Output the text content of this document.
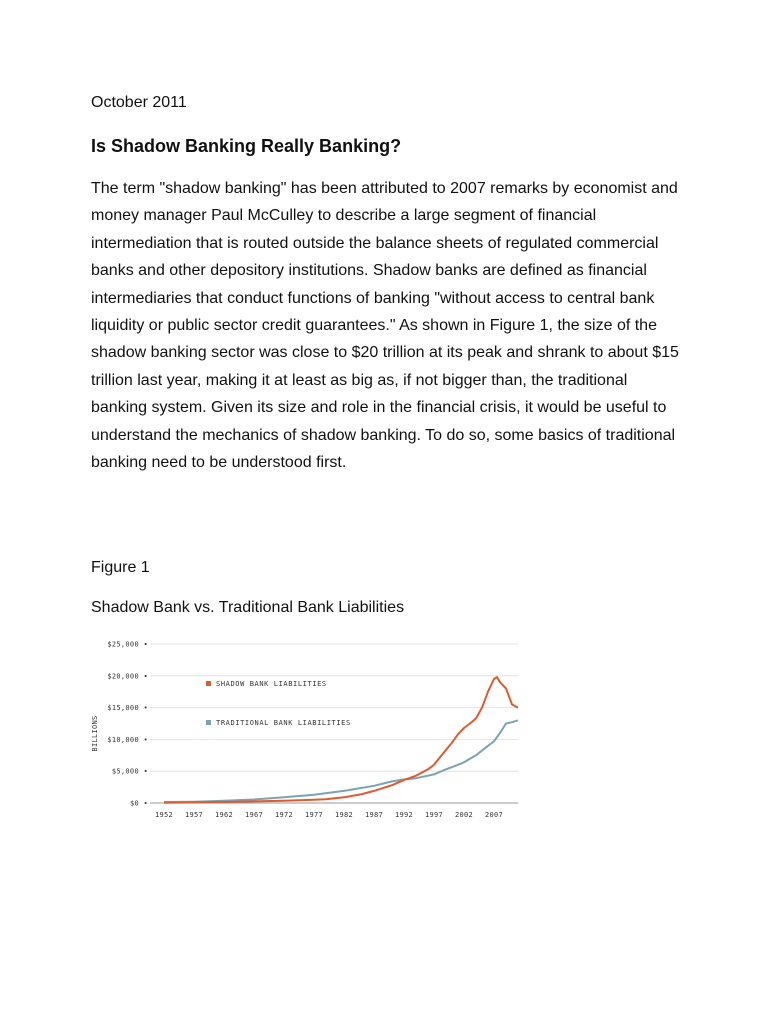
October 2011
Is Shadow Banking Really Banking?

The term "shadow banking" has been attributed to 2007 remarks by economist and money manager Paul McCulley to describe a large segment of financial intermediation that is routed outside the balance sheets of regulated commercial banks and other depository institutions. Shadow banks are defined as financial intermediaries that conduct functions of banking "without access to central bank liquidity or public sector credit guarantees." As shown in Figure 1, the size of the shadow banking sector was close to $20 trillion at its peak and shrank to about $15 trillion last year, making it at least as big as, if not bigger than, the traditional banking system. Given its size and role in the financial crisis, it would be useful to understand the mechanics of shadow banking. To do so, some basics of traditional banking need to be understood first.

Figure 1
Shadow Bank vs. Traditional Bank Liabilities
$0 •
$5,000 •
$10,000 •
$15,000 •
$20,000 •
$25,000 •
1952 1957 1962 1967 1972 1977 1982 1987 1992 1997 2002 2007
BILLIONS
SHADOW BANK LIABILITIES
TRADITIONAL BANK LIABILITIES
